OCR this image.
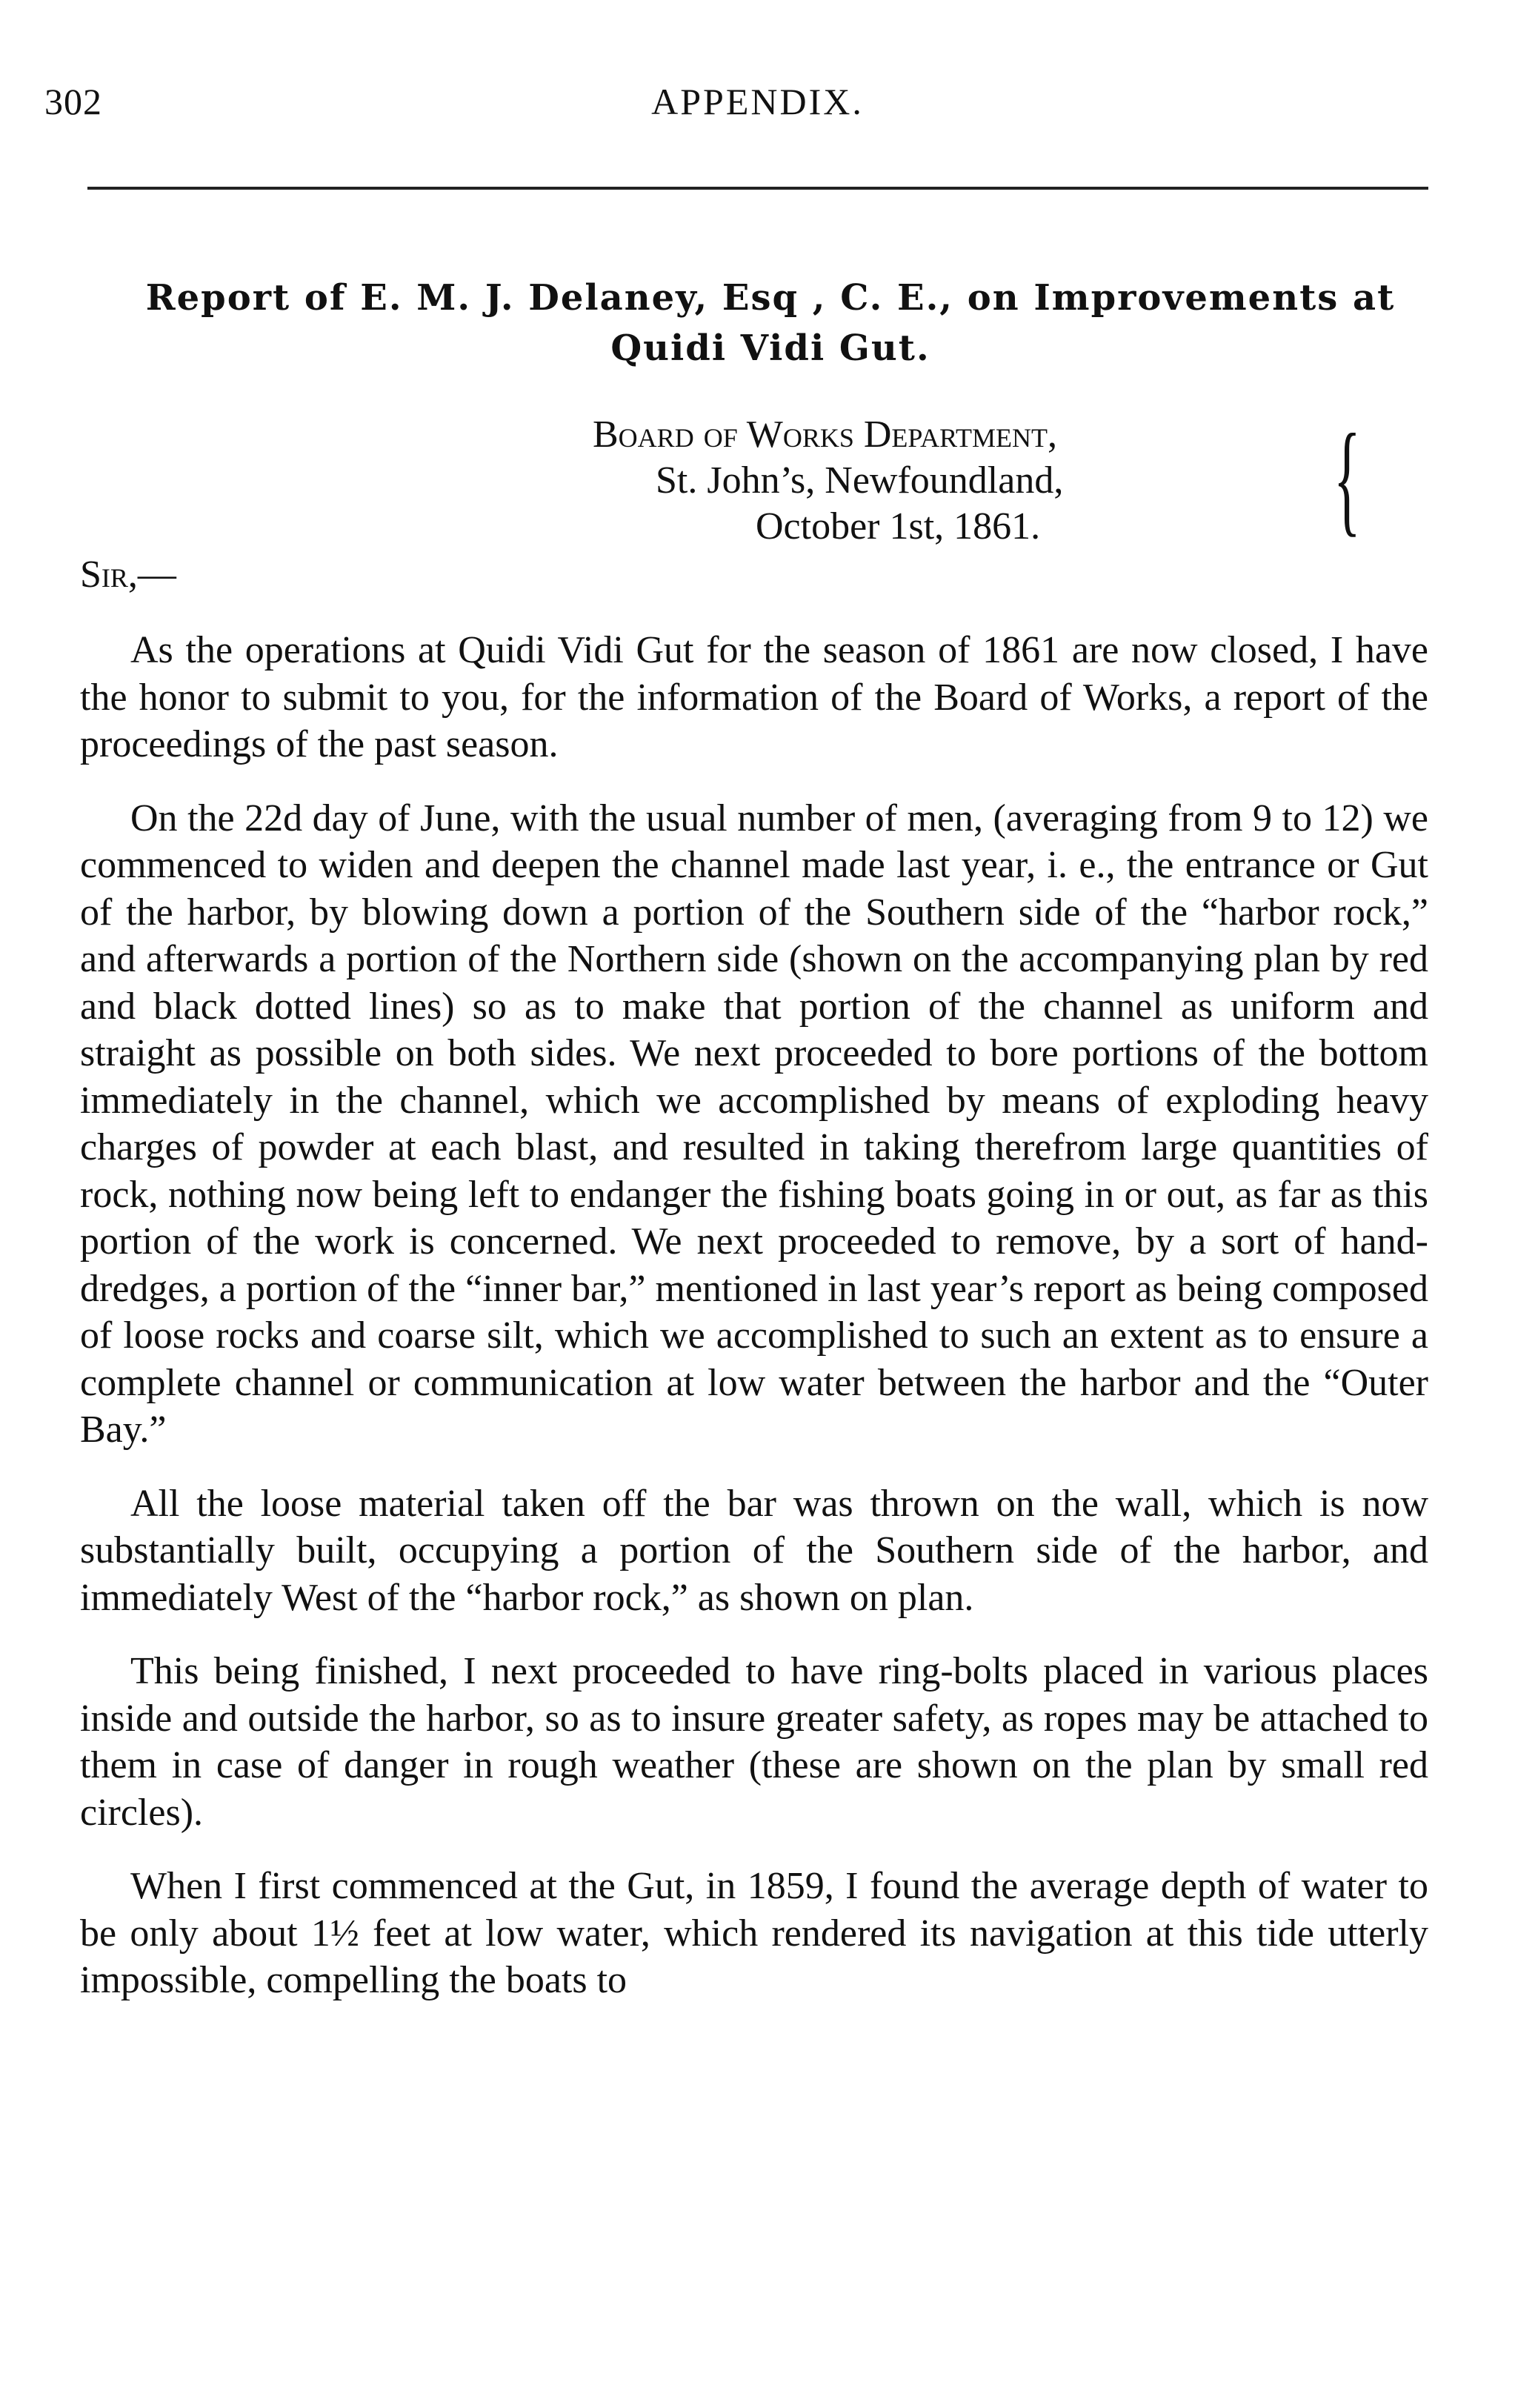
302	APPENDIX.
Report of E. M. J. Delaney, Esq , C. E., on Improvements at Quidi Vidi Gut.
Board of Works Department,
St. John’s, Newfoundland,
October 1st, 1861. {
Sir,—

As the operations at Quidi Vidi Gut for the season of 1861 are now closed, I have the honor to submit to you, for the information of the Board of Works, a report of the proceedings of the past season.

On the 22d day of June, with the usual number of men, (averaging from 9 to 12) we commenced to widen and deepen the channel made last year, i. e., the entrance or Gut of the harbor, by blowing down a portion of the Southern side of the “harbor rock,” and afterwards a portion of the Northern side (shown on the accompanying plan by red and black dotted lines) so as to make that portion of the channel as uniform and straight as possible on both sides. We next proceeded to bore portions of the bottom immediately in the channel, which we accomplished by means of exploding heavy charges of powder at each blast, and resulted in taking therefrom large quantities of rock, nothing now being left to endanger the fishing boats going in or out, as far as this portion of the work is concerned. We next proceeded to remove, by a sort of hand-dredges, a portion of the “inner bar,” mentioned in last year’s report as being composed of loose rocks and coarse silt, which we accomplished to such an extent as to ensure a complete channel or communication at low water between the harbor and the “Outer Bay.”

All the loose material taken off the bar was thrown on the wall, which is now substantially built, occupying a portion of the Southern side of the harbor, and immediately West of the “harbor rock,” as shown on plan.

This being finished, I next proceeded to have ring-bolts placed in various places inside and outside the harbor, so as to insure greater safety, as ropes may be attached to them in case of danger in rough weather (these are shown on the plan by small red circles).

When I first commenced at the Gut, in 1859, I found the average depth of water to be only about 1½ feet at low water, which rendered its navigation at this tide utterly impossible, compelling the boats to
